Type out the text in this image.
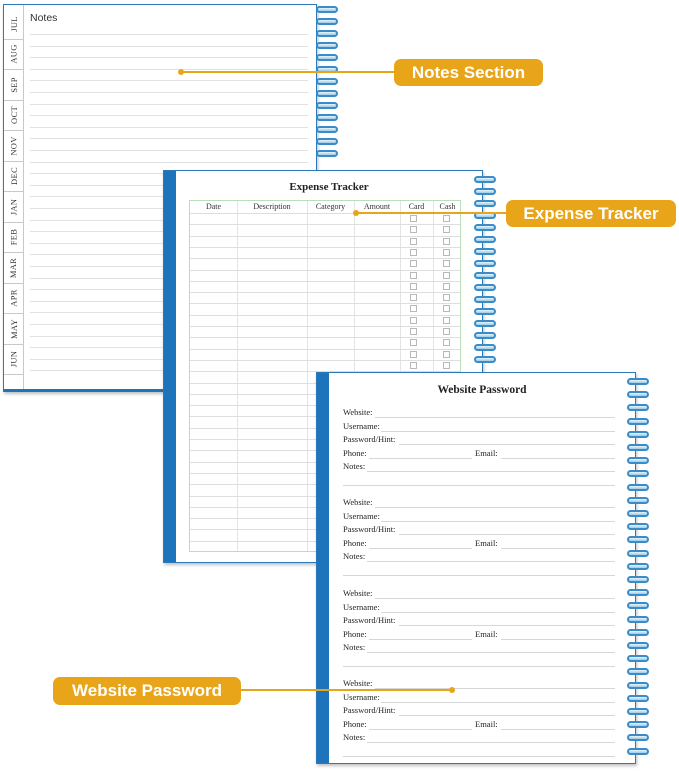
JUL
AUG
SEP
OCT
NOV
DEC
JAN
FEB
MAR
APR
MAY
JUN
Notes
Expense Tracker
Date	Description	Category	Amount	Card	Cash
Website Password
Website:
Username:
Password/Hint:
Phone:	Email:
Notes:
Website:
Username:
Password/Hint:
Phone:	Email:
Notes:
Website:
Username:
Password/Hint:
Phone:	Email:
Notes:
Website:
Username:
Password/Hint:
Phone:	Email:
Notes:
Notes Section
Expense Tracker
Website Password
